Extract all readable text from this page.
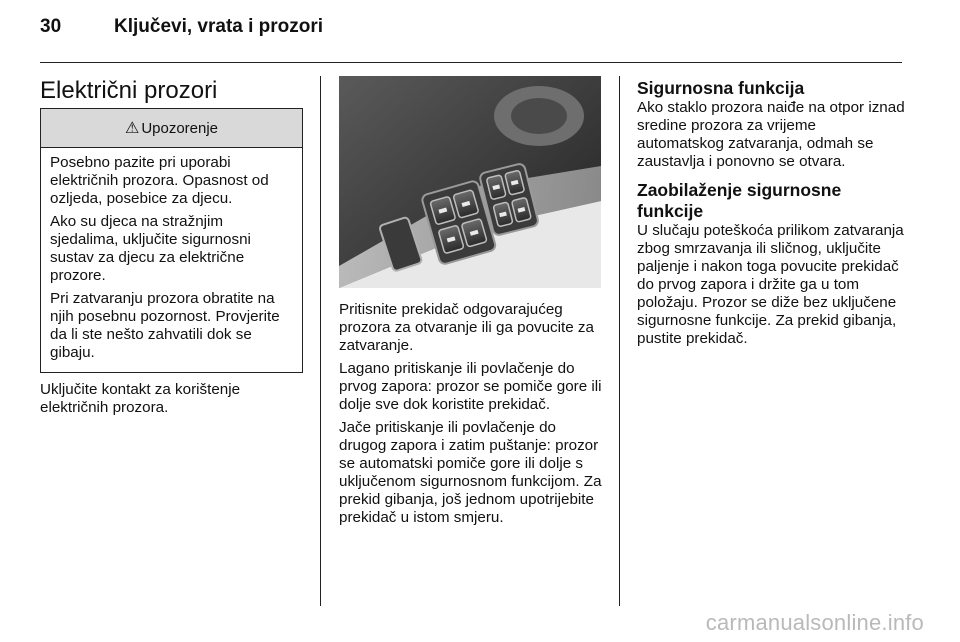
30	Ključevi, vrata i prozori
Električni prozori
⚠ Upozorenje

Posebno pazite pri uporabi električnih prozora. Opasnost od ozljeda, posebice za djecu.

Ako su djeca na stražnjim sjedalima, uključite sigurnosni sustav za djecu za električne prozore.

Pri zatvaranju prozora obratite na njih posebnu pozornost. Provjerite da li ste nešto zahvatili dok se gibaju.

Uključite kontakt za korištenje električnih prozora.

Pritisnite prekidač odgovarajućeg prozora za otvaranje ili ga povucite za zatvaranje.

Lagano pritiskanje ili povlačenje do prvog zapora: prozor se pomiče gore ili dolje sve dok koristite prekidač.

Jače pritiskanje ili povlačenje do drugog zapora i zatim puštanje: prozor se automatski pomiče gore ili dolje s uključenom sigurnosnom funkcijom. Za prekid gibanja, još jednom upotrijebite prekidač u istom smjeru.

Sigurnosna funkcija

Ako staklo prozora naiđe na otpor iznad sredine prozora za vrijeme automatskog zatvaranja, odmah se zaustavlja i ponovno se otvara.

Zaobilaženje sigurnosne funkcije

U slučaju poteškoća prilikom zatvaranja zbog smrzavanja ili sličnog, uključite paljenje i nakon toga povucite prekidač do prvog zapora i držite ga u tom položaju. Prozor se diže bez uključene sigurnosne funkcije. Za prekid gibanja, pustite prekidač.

carmanualsonline.info
